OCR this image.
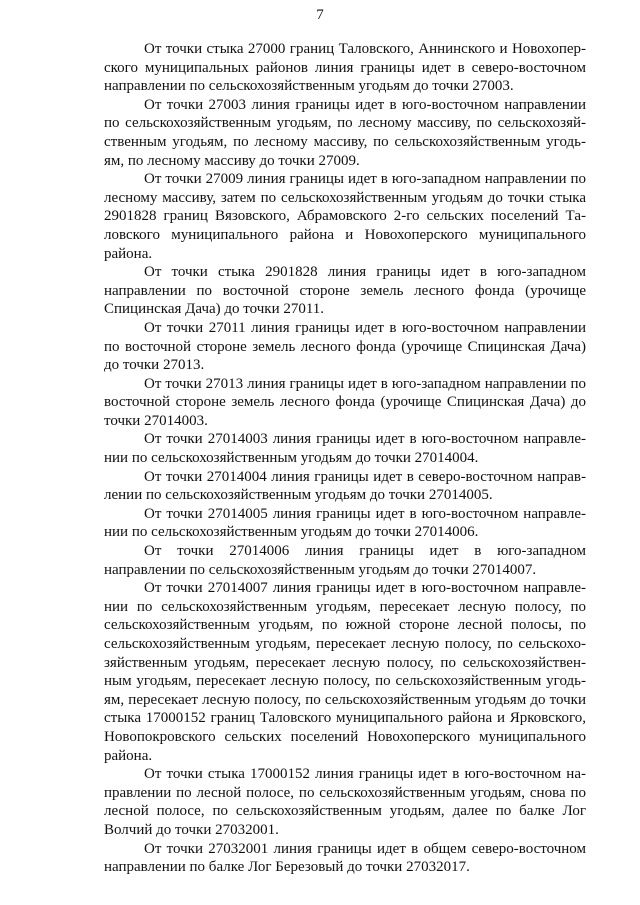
7

От точки стыка 27000 границ Таловского, Аннинского и Новохоперского муниципальных районов линия границы идет в северо-восточном направлении по сельскохозяйственным угодьям до точки 27003.

От точки 27003 линия границы идет в юго-восточном направлении по сельскохозяйственным угодьям, по лесному массиву, по сельскохозяйственным угодьям, по лесному массиву, по сельскохозяйственным угодьям, по лесному массиву до точки 27009.

От точки 27009 линия границы идет в юго-западном направлении по лесному массиву, затем по сельскохозяйственным угодьям до точки стыка 2901828 границ Вязовского, Абрамовского 2-го сельских поселений Таловского муниципального района и Новохоперского муниципального района.

От точки стыка 2901828 линия границы идет в юго-западном направлении по восточной стороне земель лесного фонда (урочище Спицинская Дача) до точки 27011.

От точки 27011 линия границы идет в юго-восточном направлении по восточной стороне земель лесного фонда (урочище Спицинская Дача) до точки 27013.

От точки 27013 линия границы идет в юго-западном направлении по восточной стороне земель лесного фонда (урочище Спицинская Дача) до точки 27014003.

От точки 27014003 линия границы идет в юго-восточном направлении по сельскохозяйственным угодьям до точки 27014004.

От точки 27014004 линия границы идет в северо-восточном направлении по сельскохозяйственным угодьям до точки 27014005.

От точки 27014005 линия границы идет в юго-восточном направлении по сельскохозяйственным угодьям до точки 27014006.

От точки 27014006 линия границы идет в юго-западном направлении по сельскохозяйственным угодьям до точки 27014007.

От точки 27014007 линия границы идет в юго-восточном направлении по сельскохозяйственным угодьям, пересекает лесную полосу, по сельскохозяйственным угодьям, по южной стороне лесной полосы, по сельскохозяйственным угодьям, пересекает лесную полосу, по сельскохозяйственным угодьям, пересекает лесную полосу, по сельскохозяйственным угодьям, пересекает лесную полосу, по сельскохозяйственным угодьям, пересекает лесную полосу, по сельскохозяйственным угодьям до точки стыка 17000152 границ Таловского муниципального района и Ярковского, Новопокровского сельских поселений Новохоперского муниципального района.

От точки стыка 17000152 линия границы идет в юго-восточном направлении по лесной полосе, по сельскохозяйственным угодьям, снова по лесной полосе, по сельскохозяйственным угодьям, далее по балке Лог Волчий до точки 27032001.

От точки 27032001 линия границы идет в общем северо-восточном направлении по балке Лог Березовый до точки 27032017.
